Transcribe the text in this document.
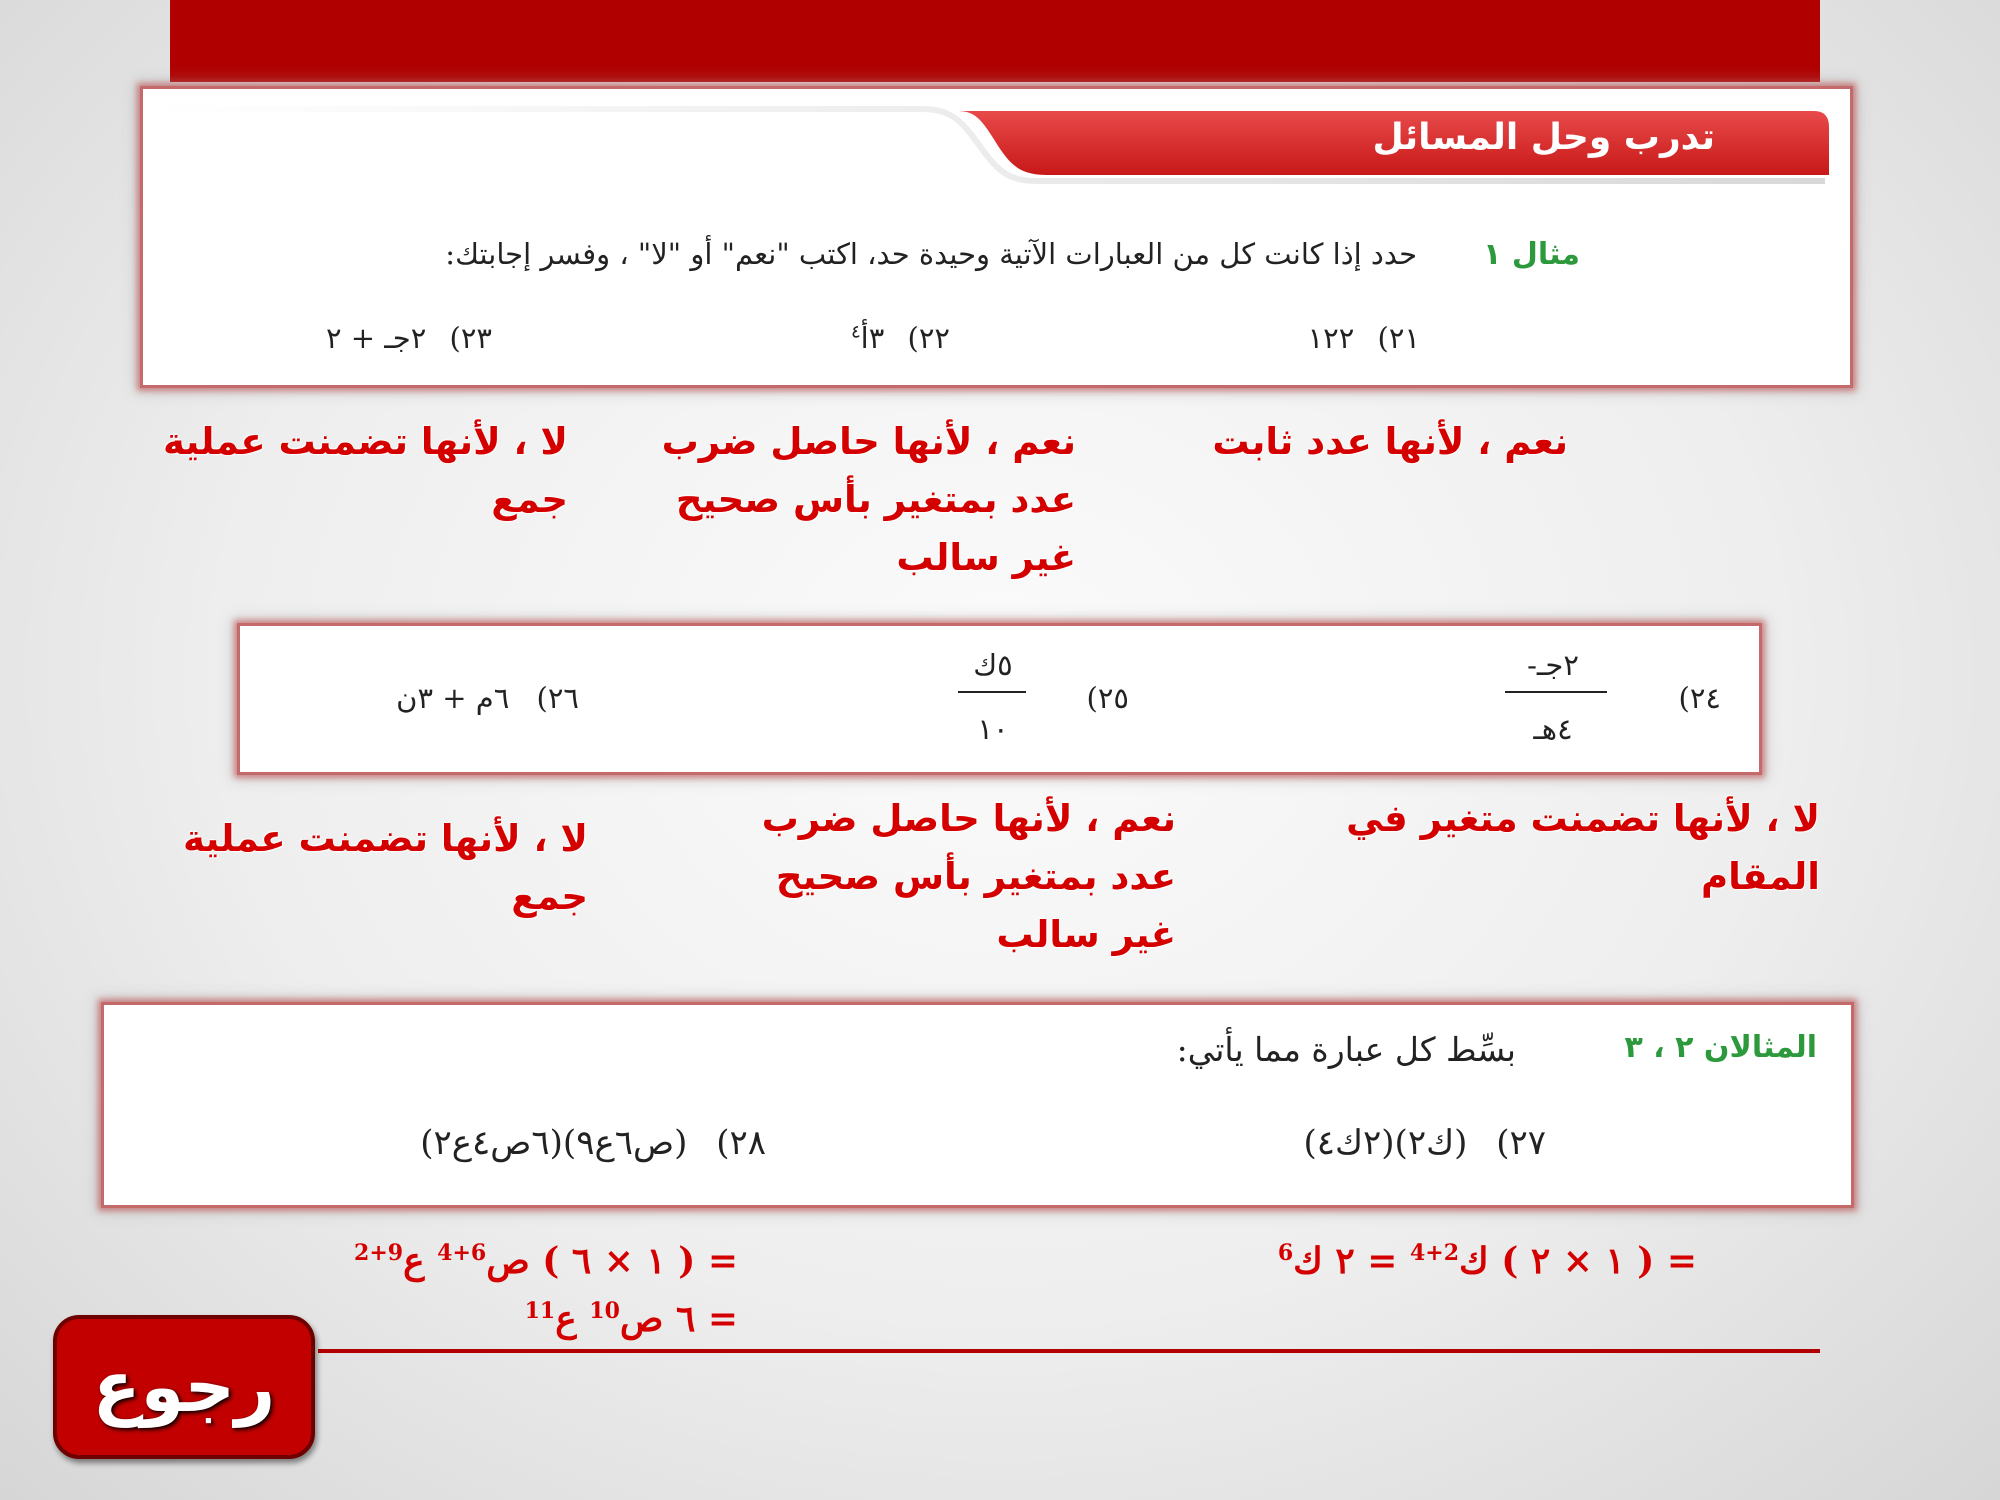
تدرب وحل المسائل
مثال ١
حدد إذا كانت كل من العبارات الآتية وحيدة حد، اكتب "نعم" أو "لا" ، وفسر إجابتك:
٢١) ١٢٢
٢٢) ٣أ$^٤$
٢٣) ٢جـ + ٢
نعم ، لأنها عدد ثابت
نعم ، لأنها حاصل ضرب عدد بمتغير بأس صحيح غير سالب
لا ، لأنها تضمنت عملية جمع
٢٤)
-٢جـ
٤هـ
٢٥)
٥ك
١٠
٢٦) ٦م + ٣ن
لا ، لأنها تضمنت متغير في المقام
نعم ، لأنها حاصل ضرب عدد بمتغير بأس صحيح غير سالب
لا ، لأنها تضمنت عملية جمع
المثالان ٢ ، ٣
بسِّط كل عبارة مما يأتي:
٢٧) (ك٢)(٢ك٤)
٢٨) (ص٦ع٩)(٦ص٤ع٢)
= ( ١ × ٢ ) ك$^{2+4}$ = ٢ ك$^6$
= ( ١ × ٦ ) ص$^{6+4}$ ع$^{9+2}$
= ٦ ص$^{10}$ ع$^{11}$
رجوع
